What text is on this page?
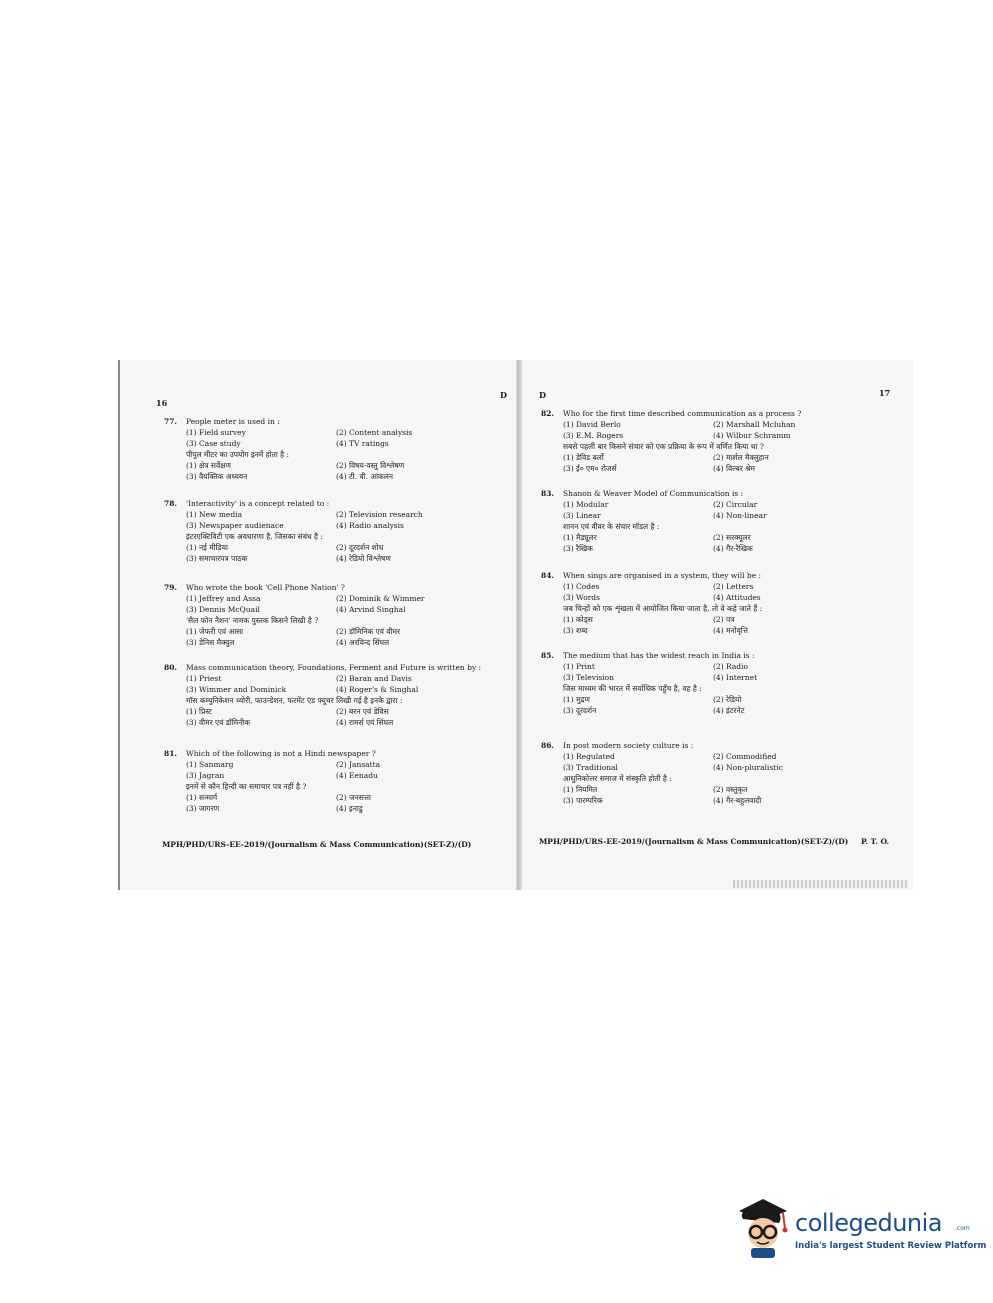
16
D
77.	People meter is used in :
(1) Field survey	(2) Content analysis
(3) Case study	(4) TV ratings
पीपुल मीटर का उपयोग इनमें होता है :
(1) क्षेत्र सर्वेक्षण	(2) विषय-वस्तु विश्लेषण
(3) वैयक्तिक अध्ययन	(4) टी. वी. आंकलन
78.	'Interactivity' is a concept related to :
(1) New media	(2) Television research
(3) Newspaper audienace	(4) Radio analysis
इंटरएक्टिविटी एक अवधारणा है, जिसका संबंध है :
(1) नई मीडिया	(2) दूरदर्शन शोध
(3) समाचारपत्र पाठक	(4) रेडियो विश्लेषण
79.	Who wrote the book 'Cell Phone Nation' ?
(1) Jeffrey and Assa	(2) Dominik & Wimmer
(3) Dennis McQuail	(4) Arvind Singhal
'सैल फोन नैशन' नामक पुस्तक किसने लिखी है ?
(1) जेफरी एवं आसा	(2) डॉमिनिक एवं वीमर
(3) डेनिस मैक्वुल	(4) अरविन्द सिंघल
80.	Mass communication theory, Foundations, Ferment and Future is written by :
(1) Priest	(2) Baran and Davis
(3) Wimmer and Dominick	(4) Roger's & Singhal
मॉस कम्युनिकेशन थ्योरी, फाउन्डेशन, फरमेंट एंड फ्यूचर लिखी गई है इनके द्वारा :
(1) प्रिस्ट	(2) बरन एवं डेविस
(3) वीमर एवं डॉमिनीक	(4) रामर्स एवं सिंघल
81.	Which of the following is not a Hindi newspaper ?
(1) Sanmarg	(2) Jansatta
(3) Jagran	(4) Eenadu
इनमें से कौन हिन्दी का समाचार पत्र नहीं है ?
(1) सन्मार्ग	(2) जनसत्ता
(3) जागरण	(4) इनाडु
MPH/PHD/URS-EE-2019/(Journalism & Mass Communication)(SET-Z)/(D)
D	17
82.	Who for the first time described communication as a process ?
(1) David Berlo	(2) Marshall Mcluhan
(3) E.M. Rogers	(4) Wilbur Schramm
सबसे पहली बार किसने संचार को एक प्रक्रिया के रूप में वर्णित किया था ?
(1) डेविड बर्लो	(2) मार्शल मैक्लुहान
(3) ई० एम० रोजर्स	(4) विल्बर श्रेम
83.	Shanon & Weaver Model of Communication is :
(1) Modular	(2) Circular
(3) Linear	(4) Non-linear
शानन एवं वीवर के संचार मॉडल है :
(1) मैड्यूलर	(2) सरक्यूलर
(3) रैखिक	(4) गैर-रैखिक
84.	When sings are organised in a system, they will be :
(1) Codes	(2) Letters
(3) Words	(4) Attitudes
जब चिन्हों को एक शृंखला में आयोजित किया जाता है, तो वे कहे जाते हैं :
(1) कोड्स	(2) पत्र
(3) शब्द	(4) मनोवृत्ति
85.	The medium that has the widest reach in India is :
(1) Print	(2) Radio
(3) Television	(4) Internet
जिस माध्यम की भारत में सर्वाधिक पहुँच है, वह है :
(1) मुद्रण	(2) रेडियो
(3) दूरदर्शन	(4) इंटरनेट
86.	In post modern society culture is :
(1) Regulated	(2) Commodified
(3) Traditional	(4) Non-pluralistic
आधुनिकोत्तर समाज में संस्कृति होती है :
(1) नियमित	(2) वस्तुकृत
(3) पारम्परिक	(4) गैर-बहुलवादी
MPH/PHD/URS-EE-2019/(Journalism & Mass Communication)(SET-Z)/(D) P. T. O.
collegedunia .com
India's largest Student Review Platform
